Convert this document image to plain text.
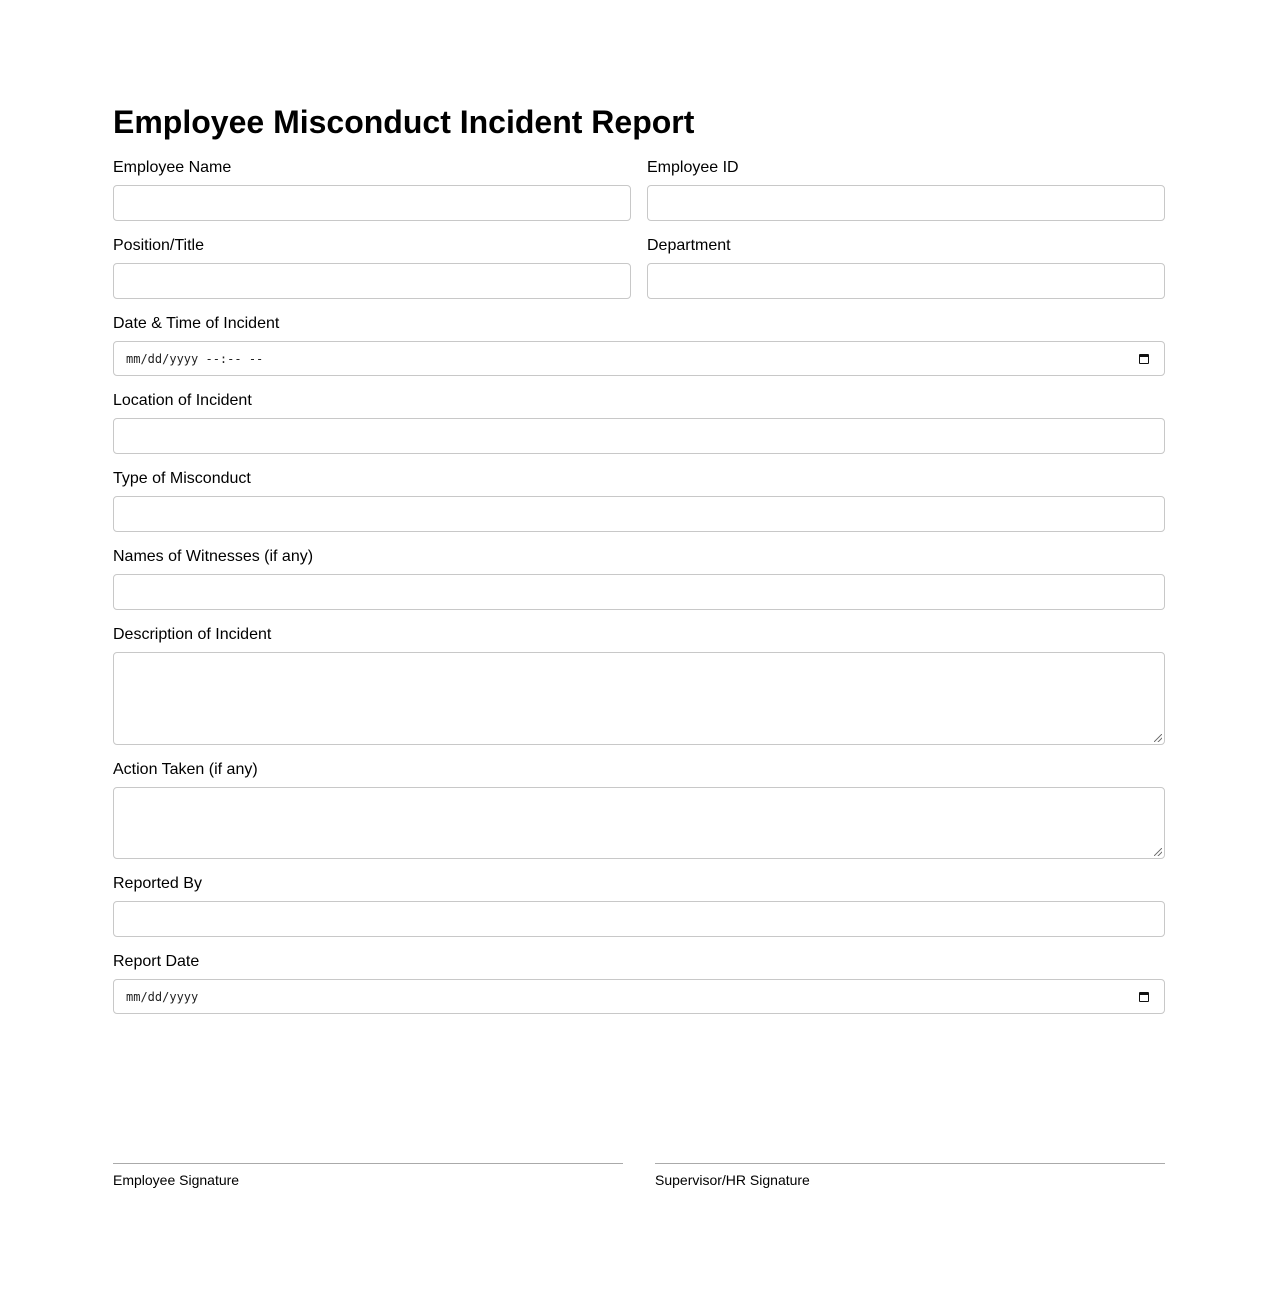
Employee Misconduct Incident Report
Employee Name	Employee ID
Position/Title	Department
Date & Time of Incident
mm/dd/yyyy --:-- --
Location of Incident
Type of Misconduct
Names of Witnesses (if any)
Description of Incident
Action Taken (if any)
Reported By
Report Date
mm/dd/yyyy
Employee Signature	Supervisor/HR Signature
